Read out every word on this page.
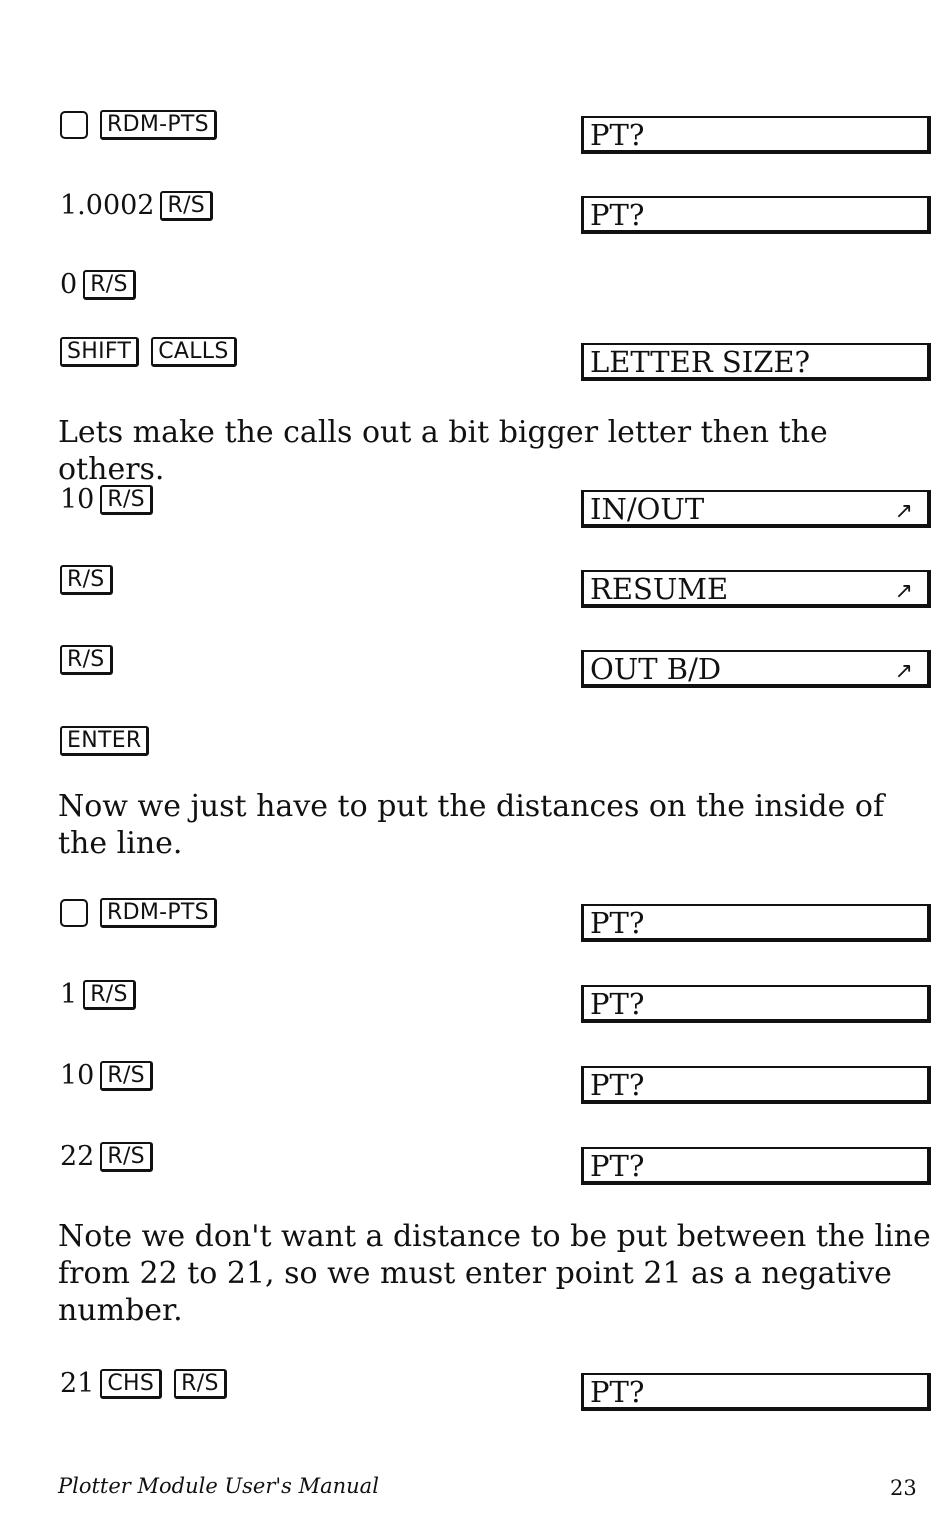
RDM-PTS	PT?
1.0002 R/S	PT?
0 R/S
SHIFT CALLS	LETTER SIZE?
Lets make the calls out a bit bigger letter then the others.
10 R/S	IN/OUT	↗
R/S	RESUME	↗
R/S	OUT B/D	↗
ENTER
Now we just have to put the distances on the inside of the line.
RDM-PTS	PT?
1 R/S	PT?
10 R/S	PT?
22 R/S	PT?
Note we don't want a distance to be put between the line from 22 to 21, so we must enter point 21 as a negative number.
21 CHS R/S	PT?
Plotter Module User's Manual	23
